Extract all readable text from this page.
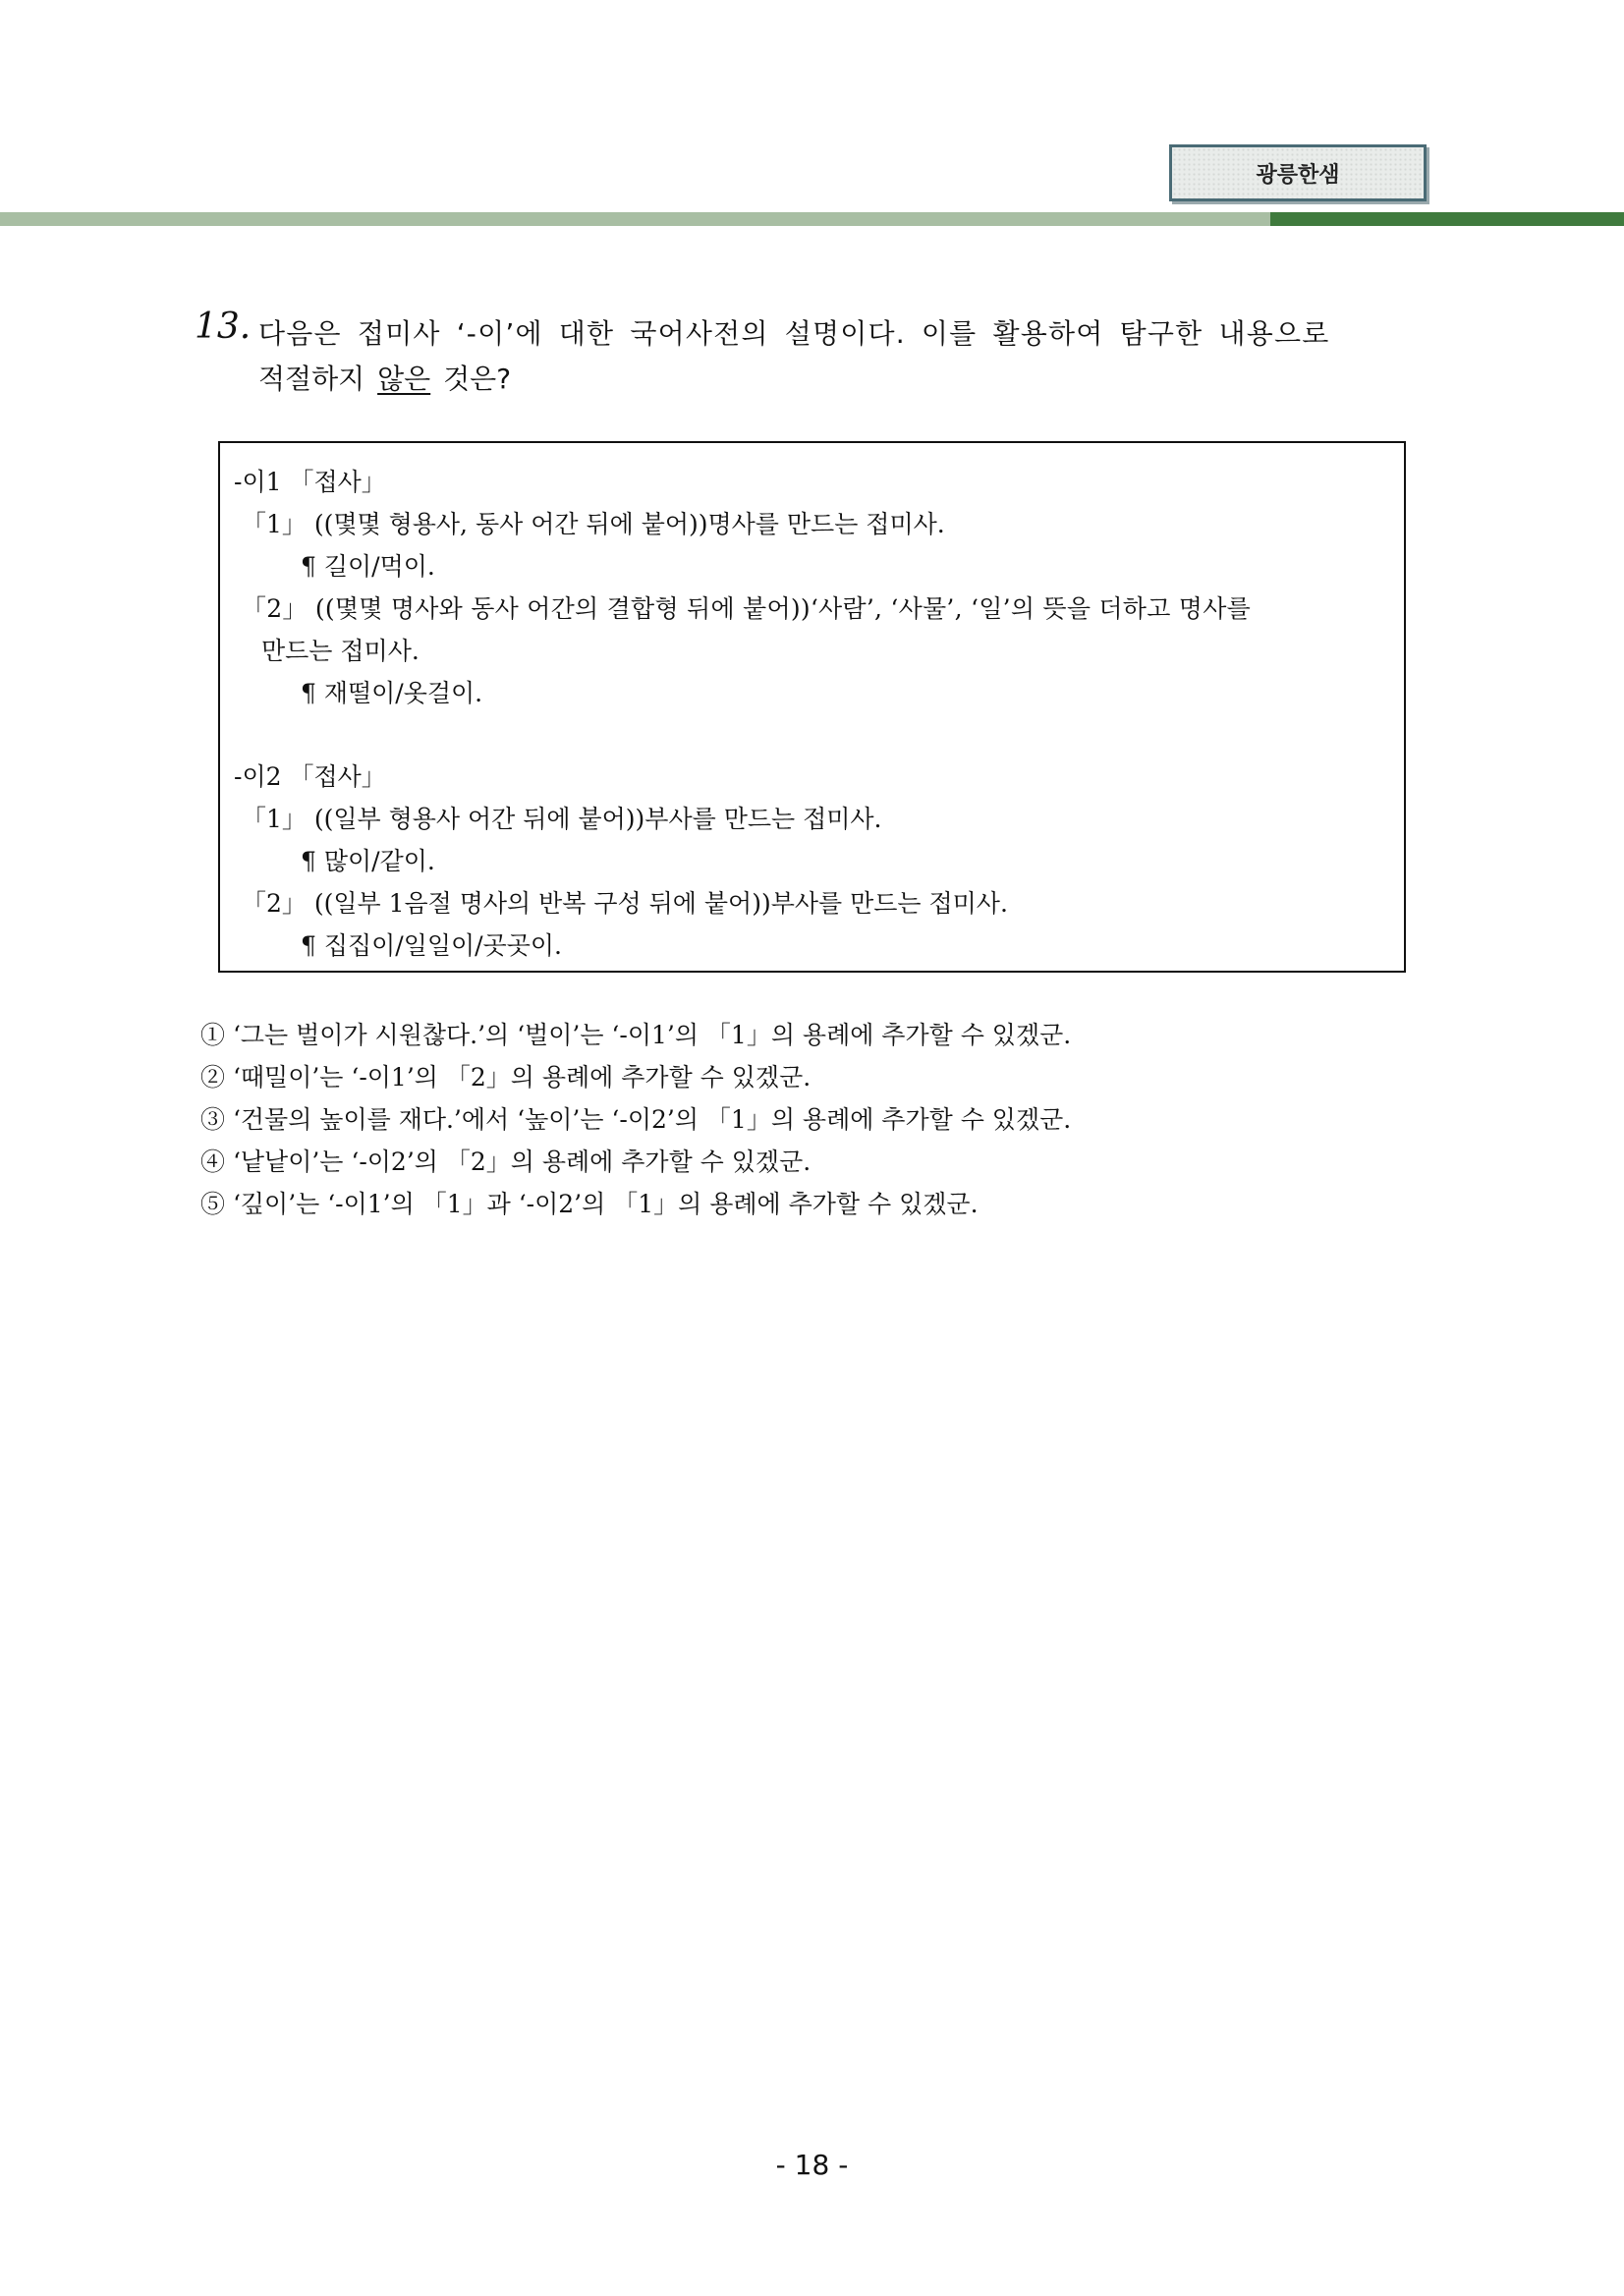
광릉한샘
13. 다음은 접미사 ‘-이’에 대한 국어사전의 설명이다. 이를 활용하여 탐구한 내용으로
적절하지 않은 것은?
-이1 「접사」
「1」 ((몇몇 형용사, 동사 어간 뒤에 붙어))명사를 만드는 접미사.
¶ 길이/먹이.
「2」 ((몇몇 명사와 동사 어간의 결합형 뒤에 붙어))‘사람’, ‘사물’, ‘일’의 뜻을 더하고 명사를
만드는 접미사.
¶ 재떨이/옷걸이.
-이2 「접사」
「1」 ((일부 형용사 어간 뒤에 붙어))부사를 만드는 접미사.
¶ 많이/같이.
「2」 ((일부 1음절 명사의 반복 구성 뒤에 붙어))부사를 만드는 접미사.
¶ 집집이/일일이/곳곳이.
① ‘그는 벌이가 시원찮다.’의 ‘벌이’는 ‘-이1’의 「1」의 용례에 추가할 수 있겠군.
② ‘때밀이’는 ‘-이1’의 「2」의 용례에 추가할 수 있겠군.
③ ‘건물의 높이를 재다.’에서 ‘높이’는 ‘-이2’의 「1」의 용례에 추가할 수 있겠군.
④ ‘낱낱이’는 ‘-이2’의 「2」의 용례에 추가할 수 있겠군.
⑤ ‘깊이’는 ‘-이1’의 「1」과 ‘-이2’의 「1」의 용례에 추가할 수 있겠군.
- 18 -
